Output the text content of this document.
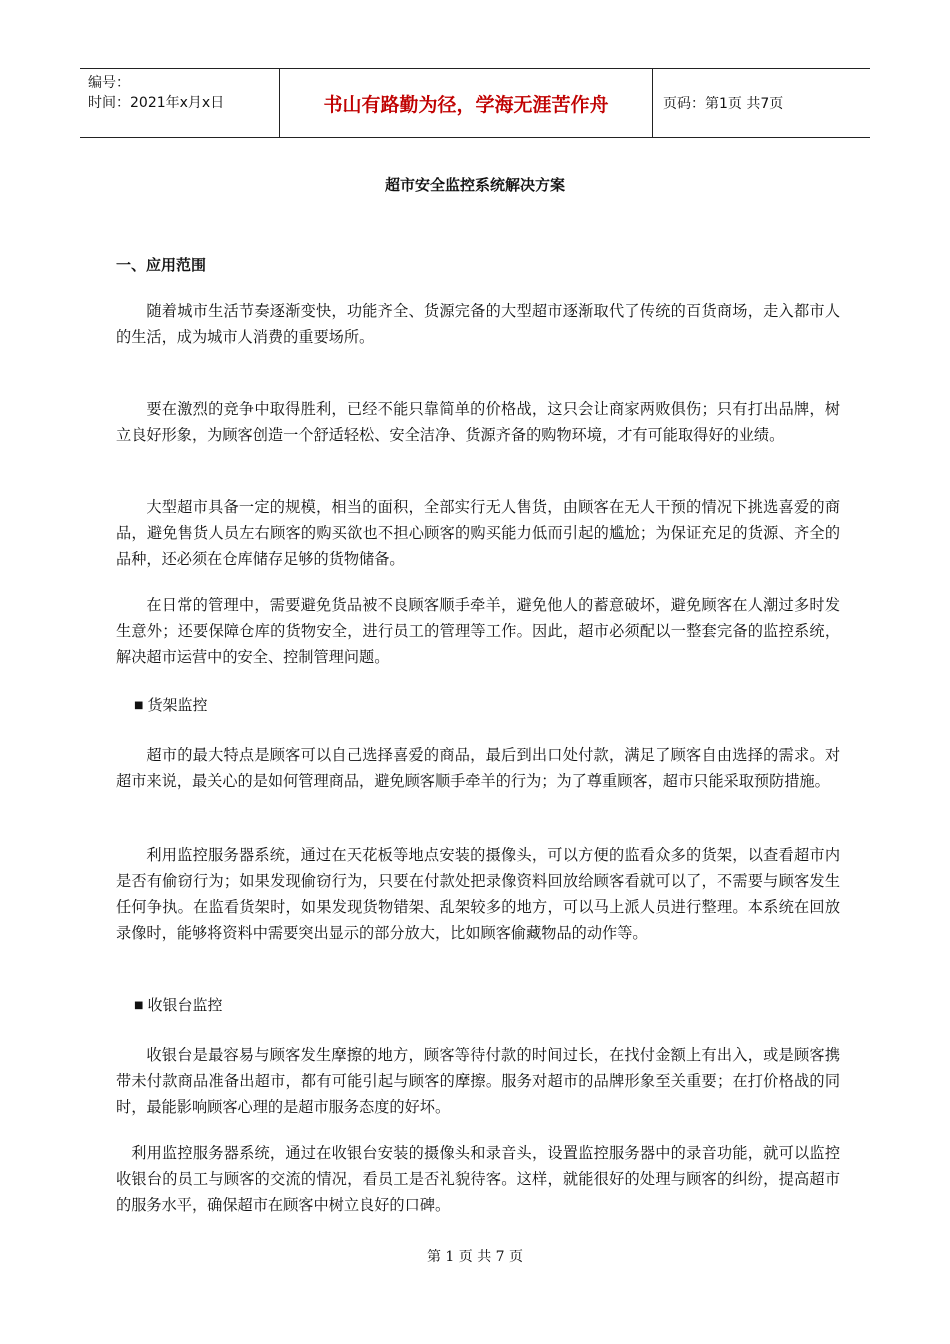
编号：
时间：2021年x月x日	书山有路勤为径，学海无涯苦作舟	页码：第1页 共7页
超市安全监控系统解决方案
一、应用范围

随着城市生活节奏逐渐变快，功能齐全、货源完备的大型超市逐渐取代了传统的百货商场，走入都市人的生活，成为城市人消费的重要场所。

要在激烈的竞争中取得胜利，已经不能只靠简单的价格战，这只会让商家两败俱伤；只有打出品牌，树立良好形象，为顾客创造一个舒适轻松、安全洁净、货源齐备的购物环境，才有可能取得好的业绩。

大型超市具备一定的规模，相当的面积，全部实行无人售货，由顾客在无人干预的情况下挑选喜爱的商品，避免售货人员左右顾客的购买欲也不担心顾客的购买能力低而引起的尴尬；为保证充足的货源、齐全的品种，还必须在仓库储存足够的货物储备。

在日常的管理中，需要避免货品被不良顾客顺手牵羊，避免他人的蓄意破坏，避免顾客在人潮过多时发生意外；还要保障仓库的货物安全，进行员工的管理等工作。因此，超市必须配以一整套完备的监控系统，解决超市运营中的安全、控制管理问题。

■ 货架监控

超市的最大特点是顾客可以自己选择喜爱的商品，最后到出口处付款，满足了顾客自由选择的需求。对超市来说，最关心的是如何管理商品，避免顾客顺手牵羊的行为；为了尊重顾客，超市只能采取预防措施。

利用监控服务器系统，通过在天花板等地点安装的摄像头，可以方便的监看众多的货架，以查看超市内是否有偷窃行为；如果发现偷窃行为，只要在付款处把录像资料回放给顾客看就可以了，不需要与顾客发生任何争执。在监看货架时，如果发现货物错架、乱架较多的地方，可以马上派人员进行整理。本系统在回放录像时，能够将资料中需要突出显示的部分放大，比如顾客偷藏物品的动作等。

■ 收银台监控

收银台是最容易与顾客发生摩擦的地方，顾客等待付款的时间过长，在找付金额上有出入，或是顾客携带未付款商品准备出超市，都有可能引起与顾客的摩擦。服务对超市的品牌形象至关重要；在打价格战的同时，最能影响顾客心理的是超市服务态度的好坏。

利用监控服务器系统，通过在收银台安装的摄像头和录音头，设置监控服务器中的录音功能，就可以监控收银台的员工与顾客的交流的情况，看员工是否礼貌待客。这样，就能很好的处理与顾客的纠纷，提高超市的服务水平，确保超市在顾客中树立良好的口碑。

第 1 页 共 7 页
